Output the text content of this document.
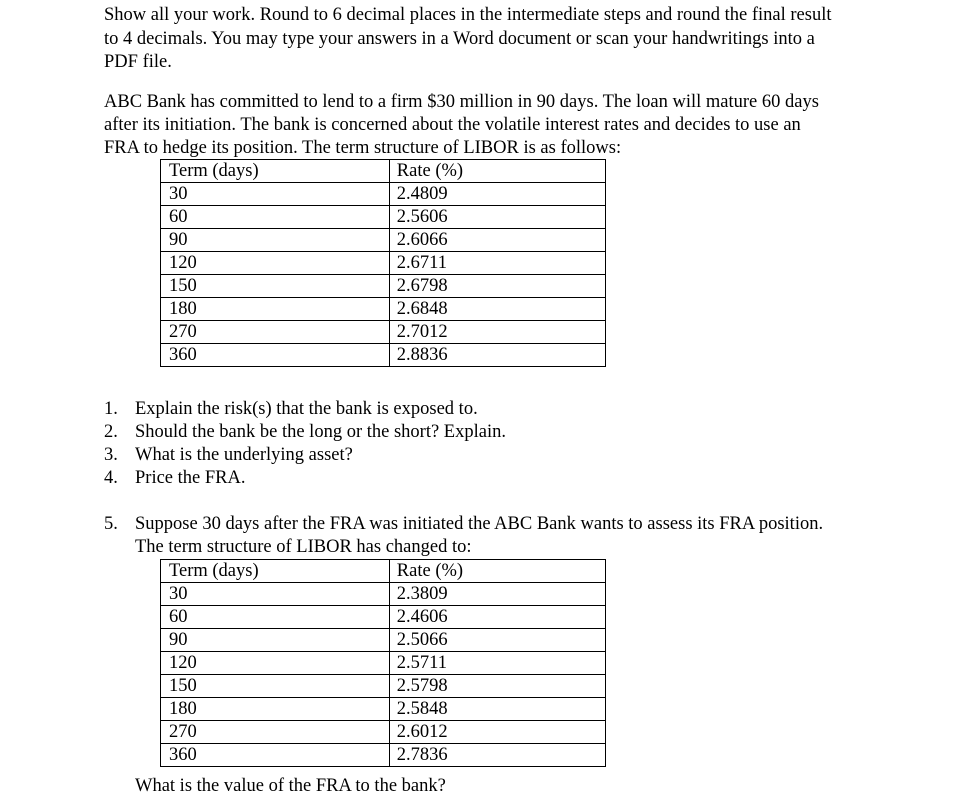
Show all your work. Round to 6 decimal places in the intermediate steps and round the final result
to 4 decimals. You may type your answers in a Word document or scan your handwritings into a
PDF file.
ABC Bank has committed to lend to a firm $30 million in 90 days. The loan will mature 60 days
after its initiation. The bank is concerned about the volatile interest rates and decides to use an
FRA to hedge its position. The term structure of LIBOR is as follows:
Term (days)	Rate (%)
30	2.4809
60	2.5606
90	2.6066
120	2.6711
150	2.6798
180	2.6848
270	2.7012
360	2.8836
1. Explain the risk(s) that the bank is exposed to.
2. Should the bank be the long or the short? Explain.
3. What is the underlying asset?
4. Price the FRA.
5. Suppose 30 days after the FRA was initiated the ABC Bank wants to assess its FRA position.
The term structure of LIBOR has changed to:
Term (days)	Rate (%)
30	2.3809
60	2.4606
90	2.5066
120	2.5711
150	2.5798
180	2.5848
270	2.6012
360	2.7836
What is the value of the FRA to the bank?
